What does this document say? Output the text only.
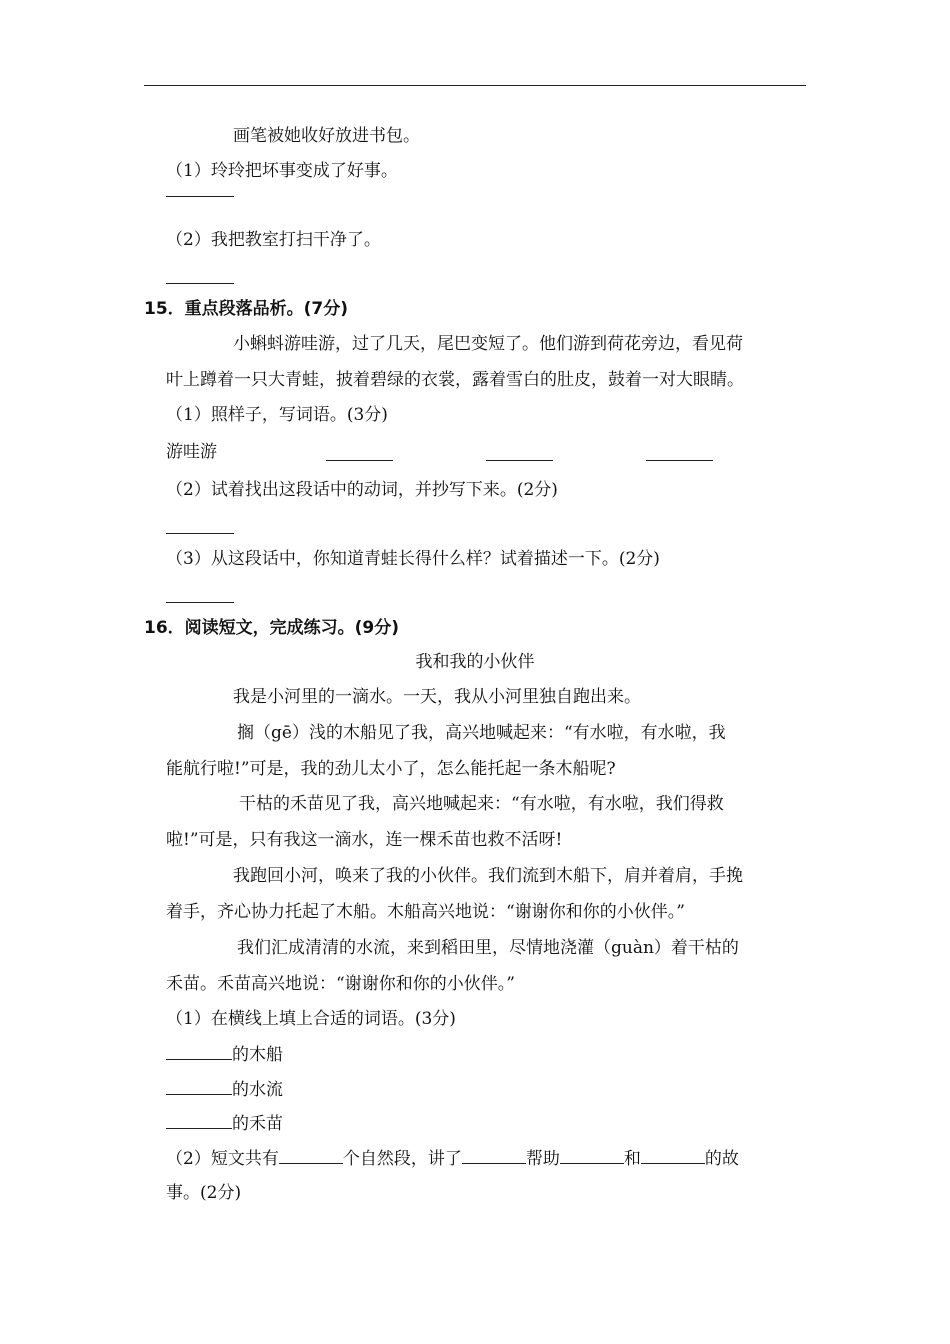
画笔被她收好放进书包。
（1）玲玲把坏事变成了好事。
（2）我把教室打扫干净了。
15．重点段落品析。(7分)
小蝌蚪游哇游，过了几天，尾巴变短了。他们游到荷花旁边，看见荷
叶上蹲着一只大青蛙，披着碧绿的衣裳，露着雪白的肚皮，鼓着一对大眼睛。
（1）照样子，写词语。(3分)
游哇游
（2）试着找出这段话中的动词，并抄写下来。(2分)
（3）从这段话中，你知道青蛙长得什么样？试着描述一下。(2分)
16．阅读短文，完成练习。(9分)
我和我的小伙伴
我是小河里的一滴水。一天，我从小河里独自跑出来。
搁（gē）浅的木船见了我，高兴地喊起来：“有水啦，有水啦，我
能航行啦!”可是，我的劲儿太小了，怎么能托起一条木船呢?
干枯的禾苗见了我，高兴地喊起来：“有水啦，有水啦，我们得救
啦!”可是，只有我这一滴水，连一棵禾苗也救不活呀!
我跑回小河，唤来了我的小伙伴。我们流到木船下，肩并着肩，手挽
着手，齐心协力托起了木船。木船高兴地说：“谢谢你和你的小伙伴。”
我们汇成清清的水流，来到稻田里，尽情地浇灌（guàn）着干枯的
禾苗。禾苗高兴地说：“谢谢你和你的小伙伴。”
（1）在横线上填上合适的词语。(3分)
的木船
的水流
的禾苗
（2）短文共有	个自然段，讲了	帮助	和	的故
事。(2分)
